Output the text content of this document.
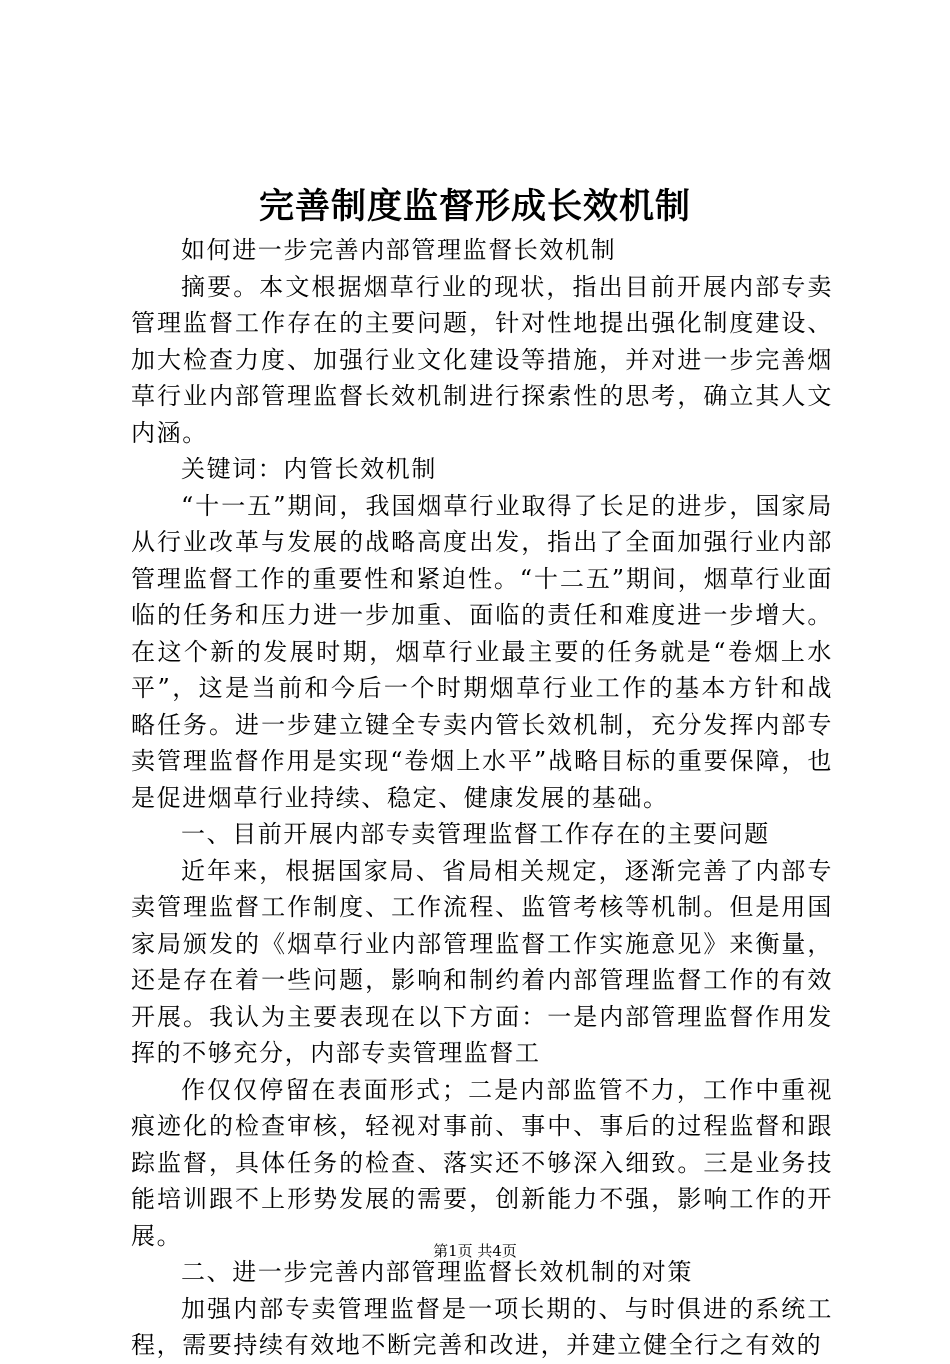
完善制度监督形成长效机制

如何进一步完善内部管理监督长效机制

摘要。本文根据烟草行业的现状，指出目前开展内部专卖管理监督工作存在的主要问题，针对性地提出强化制度建设、加大检查力度、加强行业文化建设等措施，并对进一步完善烟草行业内部管理监督长效机制进行探索性的思考，确立其人文内涵。

关键词：内管长效机制

“十一五”期间，我国烟草行业取得了长足的进步，国家局从行业改革与发展的战略高度出发，指出了全面加强行业内部管理监督工作的重要性和紧迫性。“十二五”期间，烟草行业面临的任务和压力进一步加重、面临的责任和难度进一步增大。在这个新的发展时期，烟草行业最主要的任务就是“卷烟上水平”，这是当前和今后一个时期烟草行业工作的基本方针和战略任务。进一步建立键全专卖内管长效机制，充分发挥内部专卖管理监督作用是实现“卷烟上水平”战略目标的重要保障，也是促进烟草行业持续、稳定、健康发展的基础。

一、目前开展内部专卖管理监督工作存在的主要问题

近年来，根据国家局、省局相关规定，逐渐完善了内部专卖管理监督工作制度、工作流程、监管考核等机制。但是用国家局颁发的《烟草行业内部管理监督工作实施意见》来衡量，还是存在着一些问题，影响和制约着内部管理监督工作的有效开展。我认为主要表现在以下方面：一是内部管理监督作用发挥的不够充分，内部专卖管理监督工

作仅仅停留在表面形式；二是内部监管不力，工作中重视痕迹化的检查审核，轻视对事前、事中、事后的过程监督和跟踪监督，具体任务的检查、落实还不够深入细致。三是业务技能培训跟不上形势发展的需要，创新能力不强，影响工作的开展。

二、进一步完善内部管理监督长效机制的对策

加强内部专卖管理监督是一项长期的、与时俱进的系统工程，需要持续有效地不断完善和改进，并建立健全行之有效的

第1页 共4页
